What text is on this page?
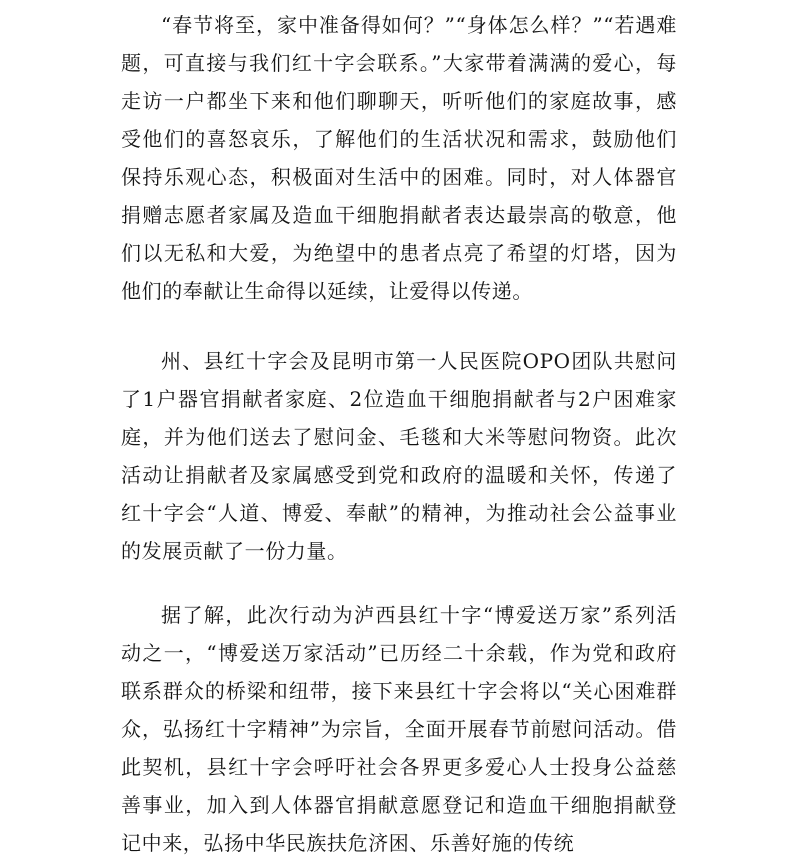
“春节将至，家中准备得如何？”“身体怎么样？”“若遇难题，可直接与我们红十字会联系。”大家带着满满的爱心，每走访一户都坐下来和他们聊聊天，听听他们的家庭故事，感受他们的喜怒哀乐，了解他们的生活状况和需求，鼓励他们保持乐观心态，积极面对生活中的困难。同时，对人体器官捐赠志愿者家属及造血干细胞捐献者表达最崇高的敬意，他们以无私和大爱，为绝望中的患者点亮了希望的灯塔，因为他们的奉献让生命得以延续，让爱得以传递。

州、县红十字会及昆明市第一人民医院OPO团队共慰问了1户器官捐献者家庭、2位造血干细胞捐献者与2户困难家庭，并为他们送去了慰问金、毛毯和大米等慰问物资。此次活动让捐献者及家属感受到党和政府的温暖和关怀，传递了红十字会“人道、博爱、奉献”的精神，为推动社会公益事业的发展贡献了一份力量。

据了解，此次行动为泸西县红十字“博爱送万家”系列活动之一，“博爱送万家活动”已历经二十余载，作为党和政府联系群众的桥梁和纽带，接下来县红十字会将以“关心困难群众，弘扬红十字精神”为宗旨，全面开展春节前慰问活动。借此契机，县红十字会呼吁社会各界更多爱心人士投身公益慈善事业，加入到人体器官捐献意愿登记和造血干细胞捐献登记中来，弘扬中华民族扶危济困、乐善好施的传统
